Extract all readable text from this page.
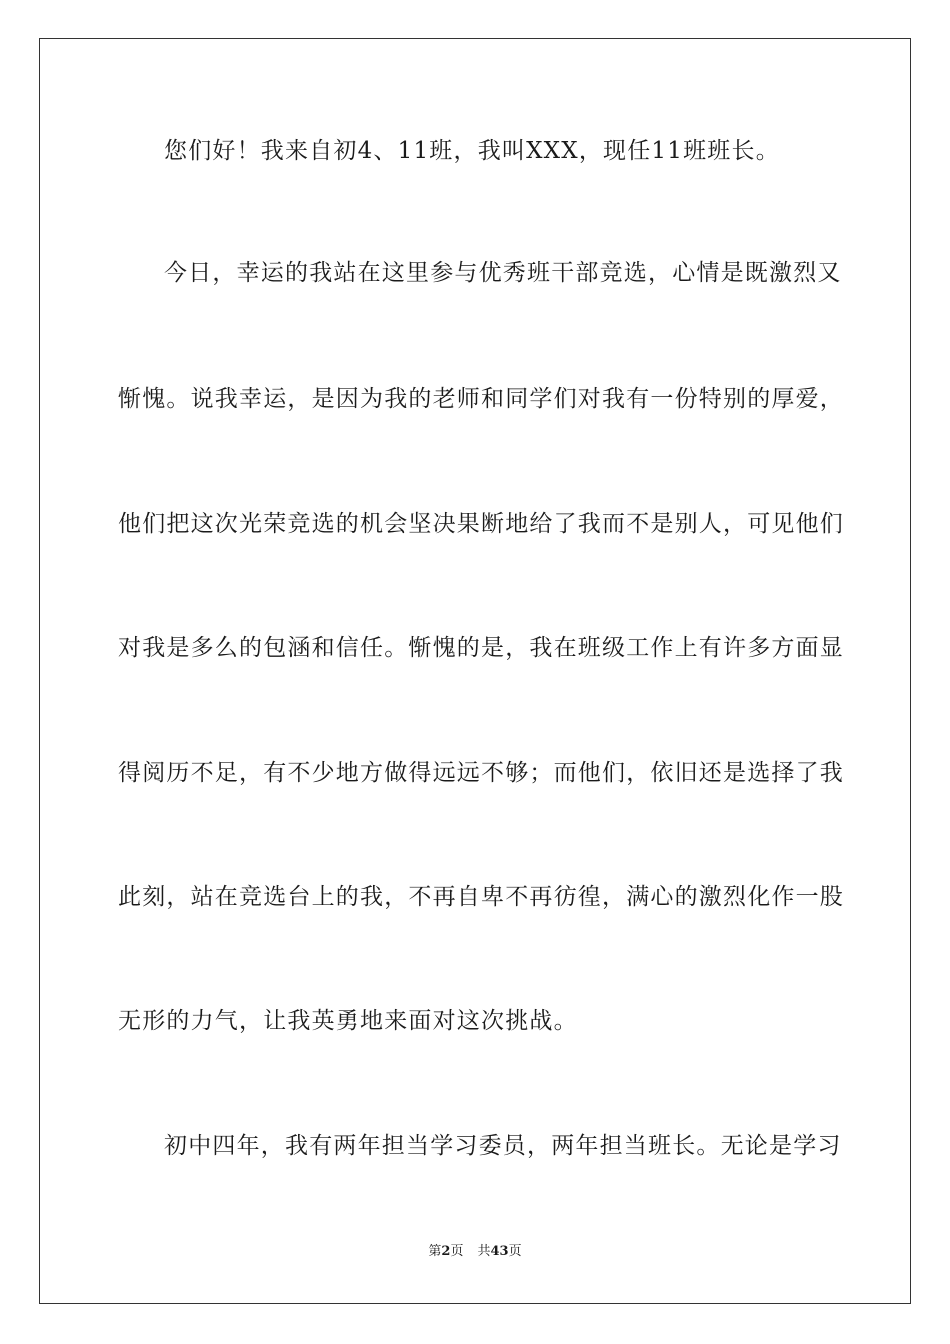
您们好！我来自初4、11班，我叫XXX，现任11班班长。
今日，幸运的我站在这里参与优秀班干部竞选，心情是既激烈又
惭愧。说我幸运，是因为我的老师和同学们对我有一份特别的厚爱，
他们把这次光荣竞选的机会坚决果断地给了我而不是别人，可见他们
对我是多么的包涵和信任。惭愧的是，我在班级工作上有许多方面显
得阅历不足，有不少地方做得远远不够；而他们，依旧还是选择了我
此刻，站在竞选台上的我，不再自卑不再彷徨，满心的激烈化作一股
无形的力气，让我英勇地来面对这次挑战。
初中四年，我有两年担当学习委员，两年担当班长。无论是学习
第2页 共43页
